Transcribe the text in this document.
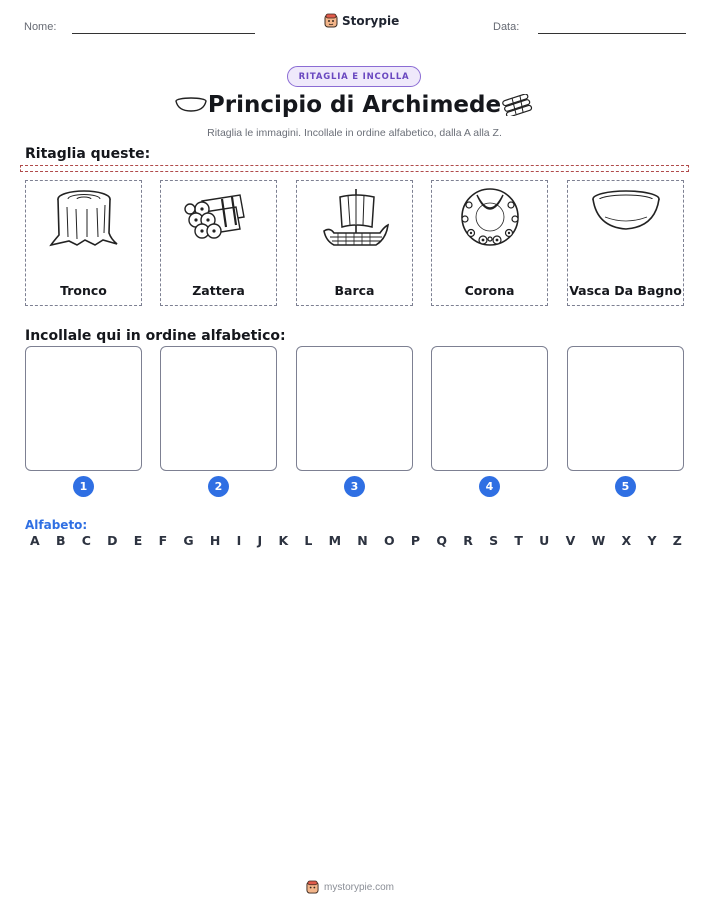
Nome:	Data:
Storypie
RITAGLIA E INCOLLA
Principio di Archimede
Ritaglia le immagini. Incollale in ordine alfabetico, dalla A alla Z.
Ritaglia queste:
Tronco	Zattera	Barca	Corona	Vasca Da Bagno
Incollale qui in ordine alfabetico:
1	2	3	4	5
Alfabeto:
A B C D E F G H I J K L M N O P Q R S T U V W X Y Z
mystorypie.com
